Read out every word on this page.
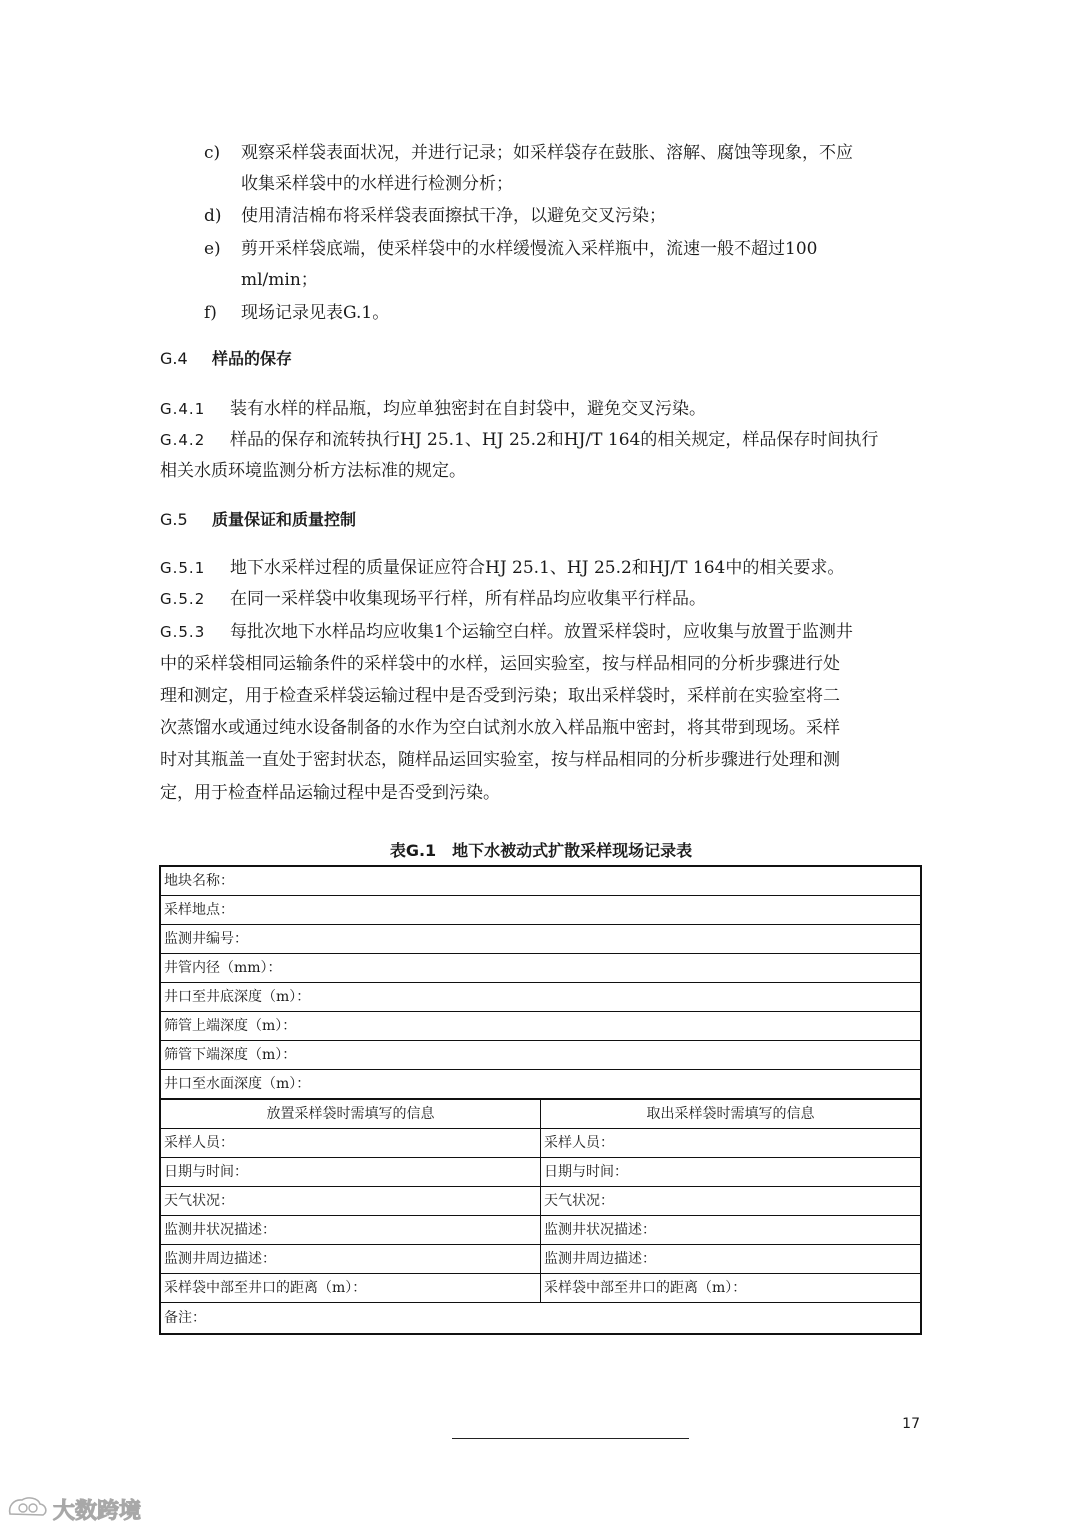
c) 观察采样袋表面状况，并进行记录；如采样袋存在鼓胀、溶解、腐蚀等现象，不应
收集采样袋中的水样进行检测分析；
d) 使用清洁棉布将采样袋表面擦拭干净，以避免交叉污染；
e) 剪开采样袋底端，使采样袋中的水样缓慢流入采样瓶中，流速一般不超过100
ml/min；
f) 现场记录见表G.1。
G.4 样品的保存
G.4.1 装有水样的样品瓶，均应单独密封在自封袋中，避免交叉污染。
G.4.2 样品的保存和流转执行HJ 25.1、HJ 25.2和HJ/T 164的相关规定，样品保存时间执行
相关水质环境监测分析方法标准的规定。
G.5 质量保证和质量控制
G.5.1 地下水采样过程的质量保证应符合HJ 25.1、HJ 25.2和HJ/T 164中的相关要求。
G.5.2 在同一采样袋中收集现场平行样，所有样品均应收集平行样品。
G.5.3 每批次地下水样品均应收集1个运输空白样。放置采样袋时，应收集与放置于监测井
中的采样袋相同运输条件的采样袋中的水样，运回实验室，按与样品相同的分析步骤进行处
理和测定，用于检查采样袋运输过程中是否受到污染；取出采样袋时，采样前在实验室将二
次蒸馏水或通过纯水设备制备的水作为空白试剂水放入样品瓶中密封，将其带到现场。采样
时对其瓶盖一直处于密封状态，随样品运回实验室，按与样品相同的分析步骤进行处理和测
定，用于检查样品运输过程中是否受到污染。
表G.1　地下水被动式扩散采样现场记录表
地块名称：	
采样地点：	
监测井编号：	
井管内径（mm）：	
井口至井底深度（m）：	
筛管上端深度（m）：	
筛管下端深度（m）：	
井口至水面深度（m）：	
放置采样袋时需填写的信息	取出采样袋时需填写的信息
采样人员：	采样人员：
日期与时间：	日期与时间：
天气状况：	天气状况：
监测井状况描述：	监测井状况描述：
监测井周边描述：	监测井周边描述：
采样袋中部至井口的距离（m）：	采样袋中部至井口的距离（m）：
备注：	
17
大数跨境
